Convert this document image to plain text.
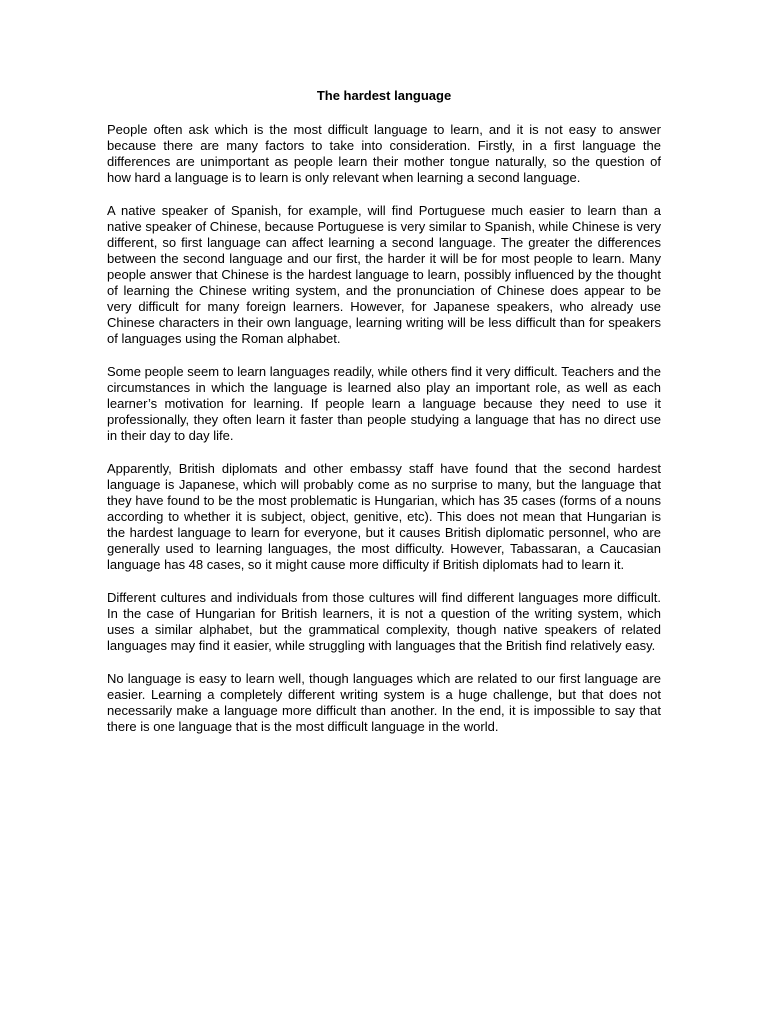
The hardest language

People often ask which is the most difficult language to learn, and it is not easy to answer because there are many factors to take into consideration. Firstly, in a first language the differences are unimportant as people learn their mother tongue naturally, so the question of how hard a language is to learn is only relevant when learning a second language.

A native speaker of Spanish, for example, will find Portuguese much easier to learn than a native speaker of Chinese, because Portuguese is very similar to Spanish, while Chinese is very different, so first language can affect learning a second language. The greater the differences between the second language and our first, the harder it will be for most people to learn. Many people answer that Chinese is the hardest language to learn, possibly influenced by the thought of learning the Chinese writing system, and the pronunciation of Chinese does appear to be very difficult for many foreign learners. However, for Japanese speakers, who already use Chinese characters in their own language, learning writing will be less difficult than for speakers of languages using the Roman alphabet.

Some people seem to learn languages readily, while others find it very difficult. Teachers and the circumstances in which the language is learned also play an important role, as well as each learner’s motivation for learning. If people learn a language because they need to use it professionally, they often learn it faster than people studying a language that has no direct use in their day to day life.

Apparently, British diplomats and other embassy staff have found that the second hardest language is Japanese, which will probably come as no surprise to many, but the language that they have found to be the most problematic is Hungarian, which has 35 cases (forms of a nouns according to whether it is subject, object, genitive, etc). This does not mean that Hungarian is the hardest language to learn for everyone, but it causes British diplomatic personnel, who are generally used to learning languages, the most difficulty. However, Tabassaran, a Caucasian language has 48 cases, so it might cause more difficulty if British diplomats had to learn it.

Different cultures and individuals from those cultures will find different languages more difficult. In the case of Hungarian for British learners, it is not a question of the writing system, which uses a similar alphabet, but the grammatical complexity, though native speakers of related languages may find it easier, while struggling with languages that the British find relatively easy.

No language is easy to learn well, though languages which are related to our first language are easier. Learning a completely different writing system is a huge challenge, but that does not necessarily make a language more difficult than another. In the end, it is impossible to say that there is one language that is the most difficult language in the world.
